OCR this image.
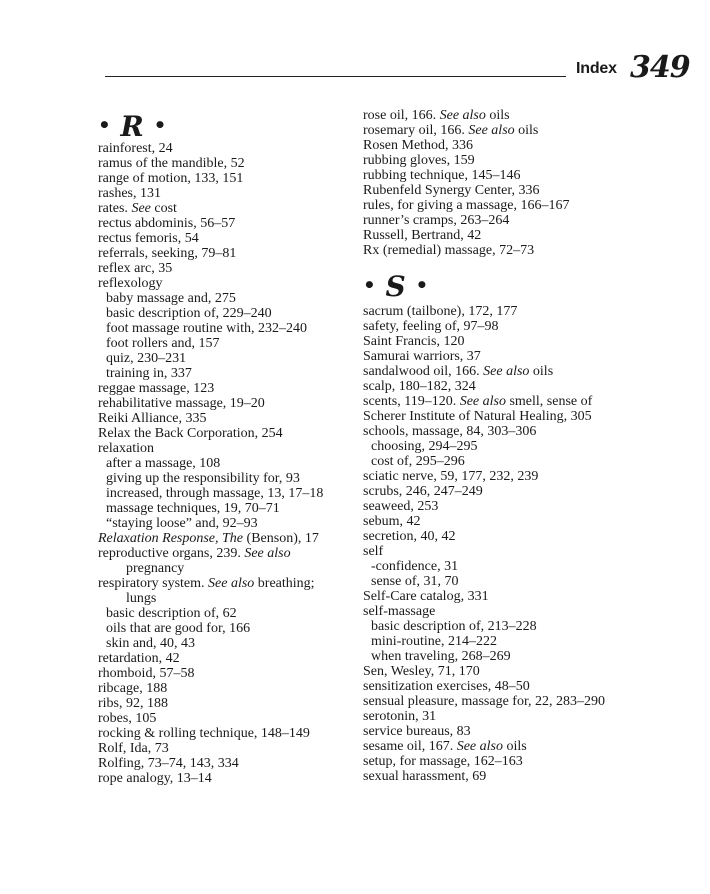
Index 349
• R •
rainforest, 24
ramus of the mandible, 52
range of motion, 133, 151
rashes, 131
rates. See cost
rectus abdominis, 56–57
rectus femoris, 54
referrals, seeking, 79–81
reflex arc, 35
reflexology
baby massage and, 275
basic description of, 229–240
foot massage routine with, 232–240
foot rollers and, 157
quiz, 230–231
training in, 337
reggae massage, 123
rehabilitative massage, 19–20
Reiki Alliance, 335
Relax the Back Corporation, 254
relaxation
after a massage, 108
giving up the responsibility for, 93
increased, through massage, 13, 17–18
massage techniques, 19, 70–71
“staying loose” and, 92–93
Relaxation Response, The (Benson), 17
reproductive organs, 239. See also
pregnancy
respiratory system. See also breathing;
lungs
basic description of, 62
oils that are good for, 166
skin and, 40, 43
retardation, 42
rhomboid, 57–58
ribcage, 188
ribs, 92, 188
robes, 105
rocking & rolling technique, 148–149
Rolf, Ida, 73
Rolfing, 73–74, 143, 334
rope analogy, 13–14
rose oil, 166. See also oils
rosemary oil, 166. See also oils
Rosen Method, 336
rubbing gloves, 159
rubbing technique, 145–146
Rubenfeld Synergy Center, 336
rules, for giving a massage, 166–167
runner’s cramps, 263–264
Russell, Bertrand, 42
Rx (remedial) massage, 72–73
• S •
sacrum (tailbone), 172, 177
safety, feeling of, 97–98
Saint Francis, 120
Samurai warriors, 37
sandalwood oil, 166. See also oils
scalp, 180–182, 324
scents, 119–120. See also smell, sense of
Scherer Institute of Natural Healing, 305
schools, massage, 84, 303–306
choosing, 294–295
cost of, 295–296
sciatic nerve, 59, 177, 232, 239
scrubs, 246, 247–249
seaweed, 253
sebum, 42
secretion, 40, 42
self
-confidence, 31
sense of, 31, 70
Self-Care catalog, 331
self-massage
basic description of, 213–228
mini-routine, 214–222
when traveling, 268–269
Sen, Wesley, 71, 170
sensitization exercises, 48–50
sensual pleasure, massage for, 22, 283–290
serotonin, 31
service bureaus, 83
sesame oil, 167. See also oils
setup, for massage, 162–163
sexual harassment, 69
